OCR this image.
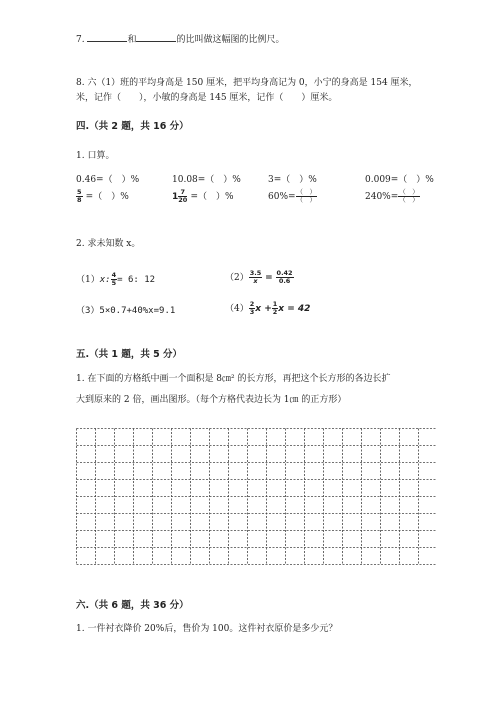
7.	和	的比叫做这幅图的比例尺。
8. 六（1）班的平均身高是 150 厘米，把平均身高记为 0，小宁的身高是 154 厘米，
米，记作（　　），小敏的身高是 145 厘米，记作（　　）厘米。
四.（共 2 题，共 16 分）
1. 口算。
0.46=（　）%	10.08=（　）%	3=（　）%	0.009=（　）%
$\frac{5}{8}$ =（　）%	$1 \frac{7}{20}$ =（　）%	$60\%= \frac{( )}{( )}$	$240\%= \frac{( )}{( )}$
2. 求未知数 x。
（1）x: $\frac{4}{5} = 6$: 12	$(2) \frac{3.5}{x} = \frac{0.42}{0.6}$
（3）5×0.7+40%x=9.1	$(4) \frac{2}{3}$ $x + \frac{1}{2}$ x = 42
五.（共 1 题，共 5 分）
1. 在下面的方格纸中画一个面积是 8㎝² 的长方形，再把这个长方形的各边长扩
大到原来的 2 倍，画出图形。（每个方格代表边长为 1㎝ 的正方形）
六.（共 6 题，共 36 分）
1. 一件衬衣降价 20%后，售价为 100。这件衬衣原价是多少元？
